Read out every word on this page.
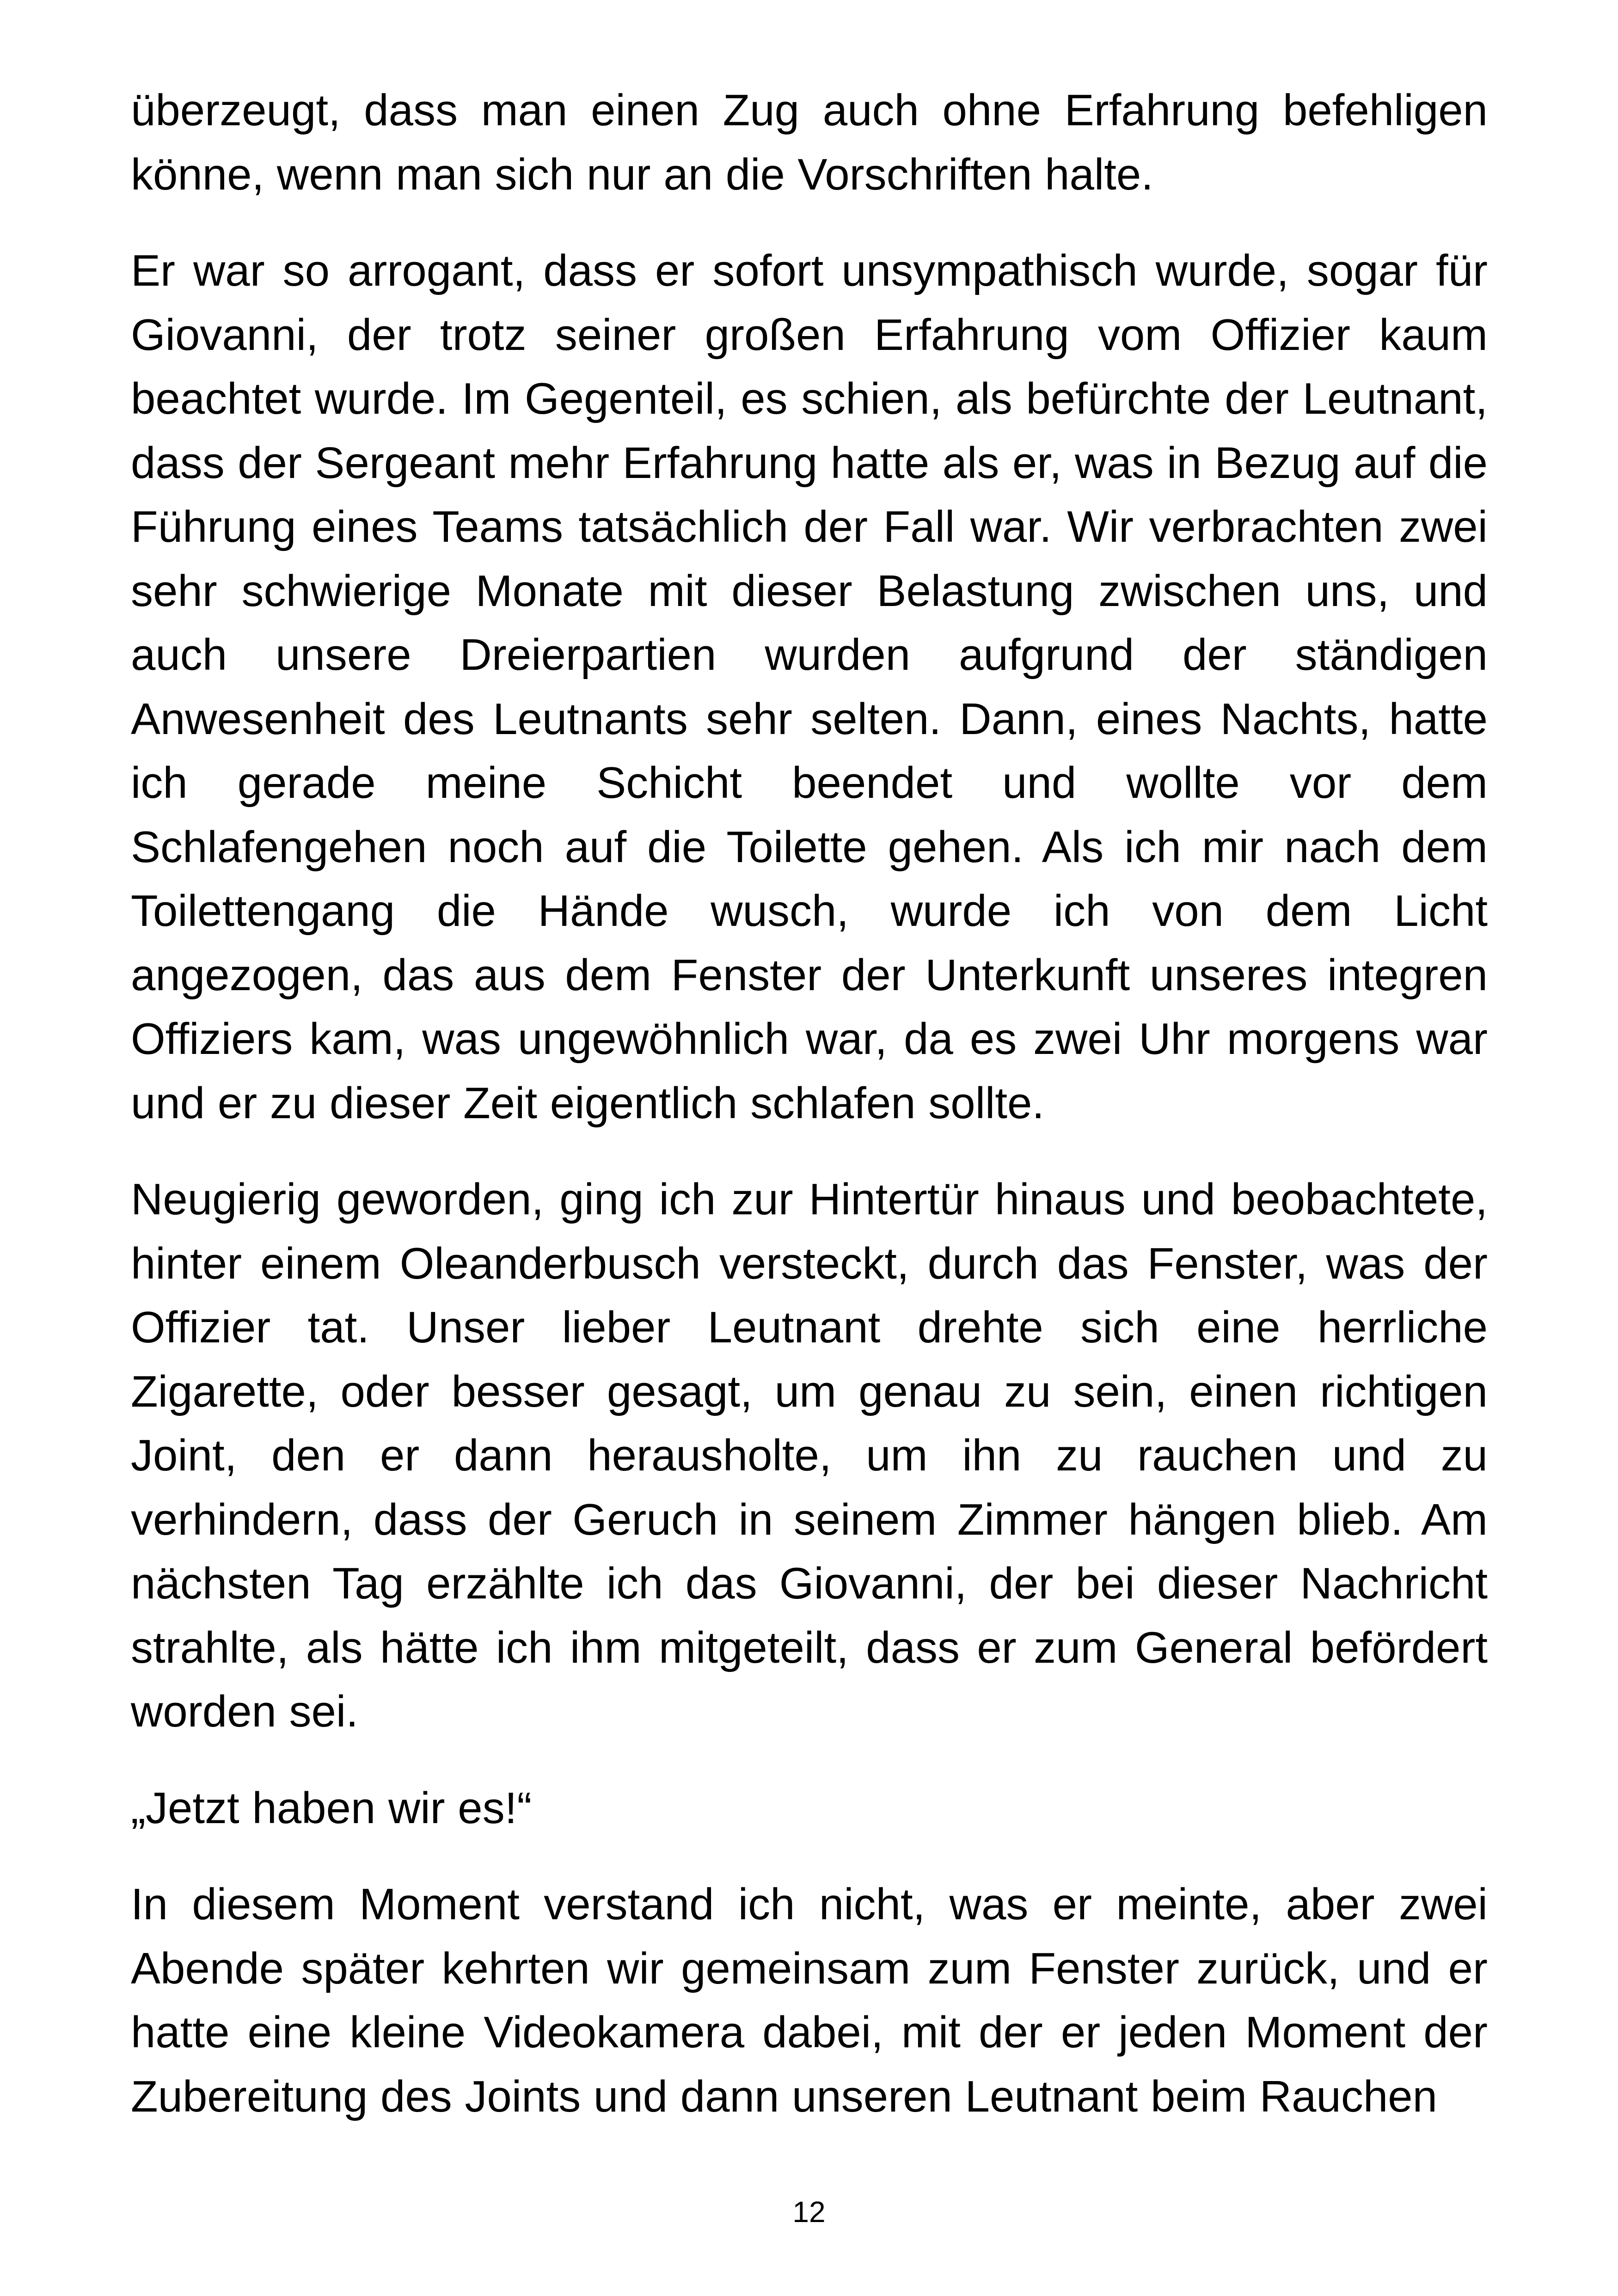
überzeugt, dass man einen Zug auch ohne Erfahrung befehligen könne, wenn man sich nur an die Vorschriften halte.

Er war so arrogant, dass er sofort unsympathisch wurde, sogar für Giovanni, der trotz seiner großen Erfahrung vom Offizier kaum beachtet wurde. Im Gegenteil, es schien, als befürchte der Leutnant, dass der Sergeant mehr Erfahrung hatte als er, was in Bezug auf die Führung eines Teams tatsächlich der Fall war. Wir verbrachten zwei sehr schwierige Monate mit dieser Belastung zwischen uns, und auch unsere Dreierpartien wurden aufgrund der ständigen Anwesenheit des Leutnants sehr selten. Dann, eines Nachts, hatte ich gerade meine Schicht beendet und wollte vor dem Schlafengehen noch auf die Toilette gehen. Als ich mir nach dem Toilettengang die Hände wusch, wurde ich von dem Licht angezogen, das aus dem Fenster der Unterkunft unseres integren Offiziers kam, was ungewöhnlich war, da es zwei Uhr morgens war und er zu dieser Zeit eigentlich schlafen sollte.

Neugierig geworden, ging ich zur Hintertür hinaus und beobachtete, hinter einem Oleanderbusch versteckt, durch das Fenster, was der Offizier tat. Unser lieber Leutnant drehte sich eine herrliche Zigarette, oder besser gesagt, um genau zu sein, einen richtigen Joint, den er dann herausholte, um ihn zu rauchen und zu verhindern, dass der Geruch in seinem Zimmer hängen blieb. Am nächsten Tag erzählte ich das Giovanni, der bei dieser Nachricht strahlte, als hätte ich ihm mitgeteilt, dass er zum General befördert worden sei.

„Jetzt haben wir es!“

In diesem Moment verstand ich nicht, was er meinte, aber zwei Abende später kehrten wir gemeinsam zum Fenster zurück, und er hatte eine kleine Videokamera dabei, mit der er jeden Moment der Zubereitung des Joints und dann unseren Leutnant beim Rauchen

12
